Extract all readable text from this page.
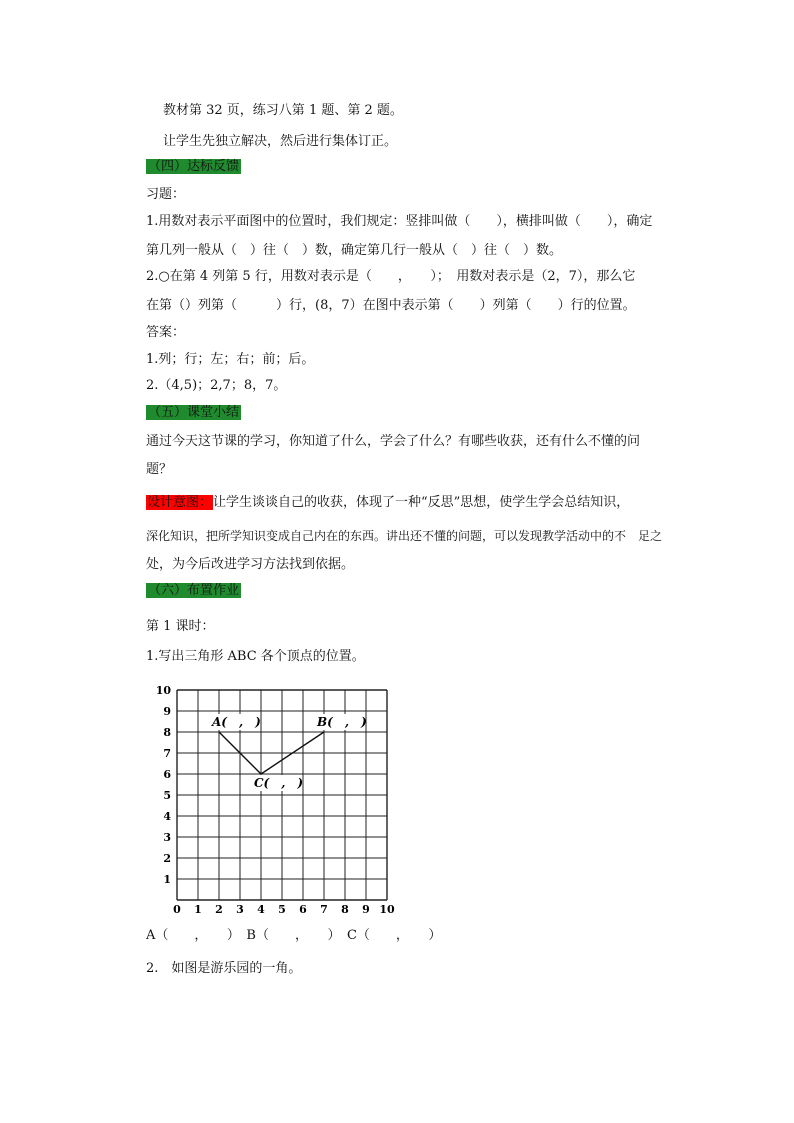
教材第 32 页，练习八第 1 题、第 2 题。
让学生先独立解决，然后进行集体订正。
（四）达标反馈
习题：
1.用数对表示平面图中的位置时，我们规定：竖排叫做（　　），横排叫做（　　），确定
第几列一般从（　）往（　）数，确定第几行一般从（　）往（　）数。
2.○在第 4 列第 5 行，用数对表示是（　　，　　）；　用数对表示是（2，7），那么它
在第（）列第（　　　）行，(8，7）在图中表示第（　　）列第（　　）行的位置。
答案：
1.列；行；左；右；前；后。
2.（4,5)；2,7；8，7。
（五）课堂小结
通过今天这节课的学习，你知道了什么，学会了什么？有哪些收获，还有什么不懂的问
题？
设计意图：让学生谈谈自己的收获，体现了一种“反思”思想，使学生学会总结知识，
深化知识，把所学知识变成自己内在的东西。讲出还不懂的问题，可以发现教学活动中的不　足之
处，为今后改进学习方法找到依据。
（六）布置作业
第 1 课时：
1.写出三角形 ABC 各个顶点的位置。
0 1 2 3 4 5 6 7 8 9 10
1
2
3
4
5
6
7
8
9
10
A(　,　)	B(　,　)
C(　,　)
A（　　，　　）　B（　　，　　）　C（　　，　　）
2.　如图是游乐园的一角。
